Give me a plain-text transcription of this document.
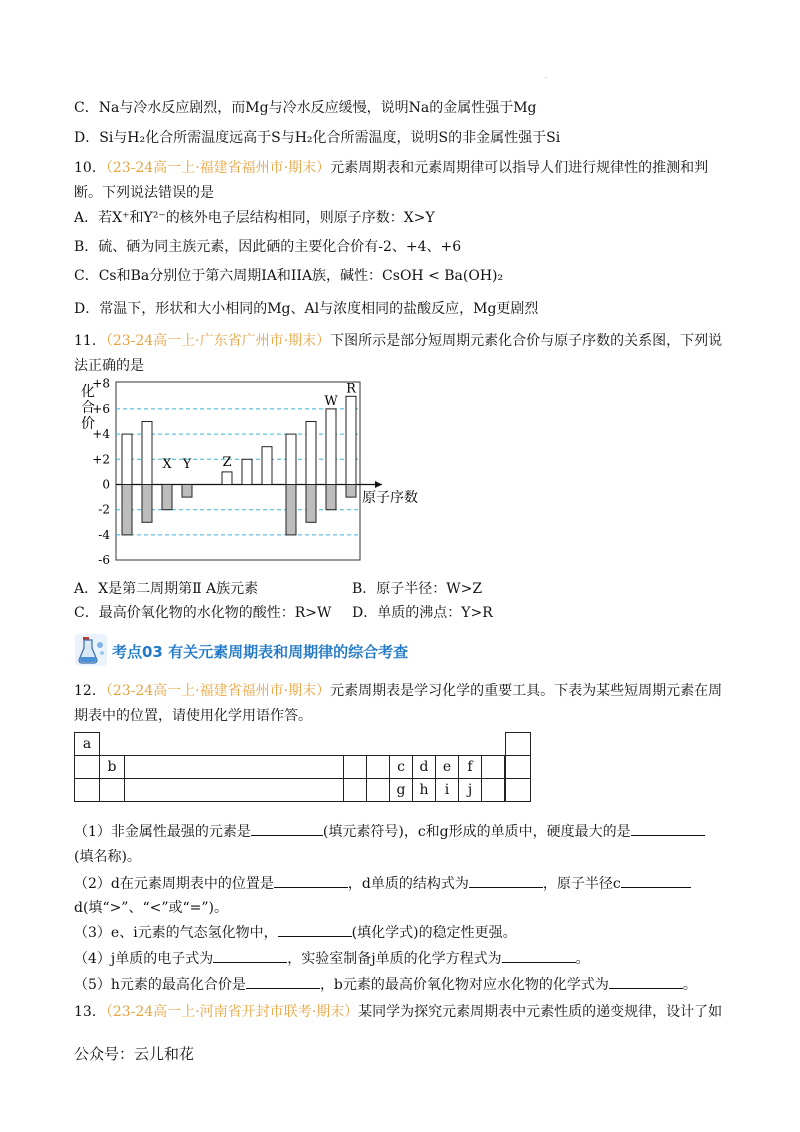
·
C．Na与冷水反应剧烈，而Mg与冷水反应缓慢，说明Na的金属性强于Mg
D．Si与H₂化合所需温度远高于S与H₂化合所需温度，说明S的非金属性强于Si
10．（23-24高一上·福建省福州市·期末）元素周期表和元素周期律可以指导人们进行规律性的推测和判
断。下列说法错误的是
A．若X⁺和Y²⁻的核外电子层结构相同，则原子序数：X>Y
B．硫、硒为同主族元素，因此硒的主要化合价有-2、+4、+6
C．Cs和Ba分别位于第六周期IA和IIA族，碱性：CsOH < Ba(OH)₂
D．常温下，形状和大小相同的Mg、Al与浓度相同的盐酸反应，Mg更剧烈
11．（23-24高一上·广东省广州市·期末）下图所示是部分短周期元素化合价与原子序数的关系图，下列说
法正确的是
+8
+6
+4
+2
0
-2
-4
-6
化
合
价
原子序数
X Y Z
W
R
A．X是第二周期第Ⅱ A族元素	B．原子半径：W>Z
C．最高价氧化物的水化物的酸性：R>W D．单质的沸点：Y>R
考点03 有关元素周期表和周期律的综合考查
12．（23-24高一上·福建省福州市·期末）元素周期表是学习化学的重要工具。下表为某些短周期元素在周
期表中的位置，请使用化学用语作答。
a										
	b				c	d	e	f					
					g	h	i	j					
（1）非金属性最强的元素是	(填元素符号)，c和g形成的单质中，硬度最大的是
(填名称)。
（2）d在元素周期表中的位置是	，d单质的结构式为	，原子半径c
d(填“>”、“<”或“=”)。
（3）e、i元素的气态氢化物中，	(填化学式)的稳定性更强。
（4）j单质的电子式为	，实验室制备j单质的化学方程式为	。
（5）h元素的最高化合价是	，b元素的最高价氧化物对应水化物的化学式为	。
13．（23-24高一上·河南省开封市联考·期末）某同学为探究元素周期表中元素性质的递变规律，设计了如
公众号：云儿和花
